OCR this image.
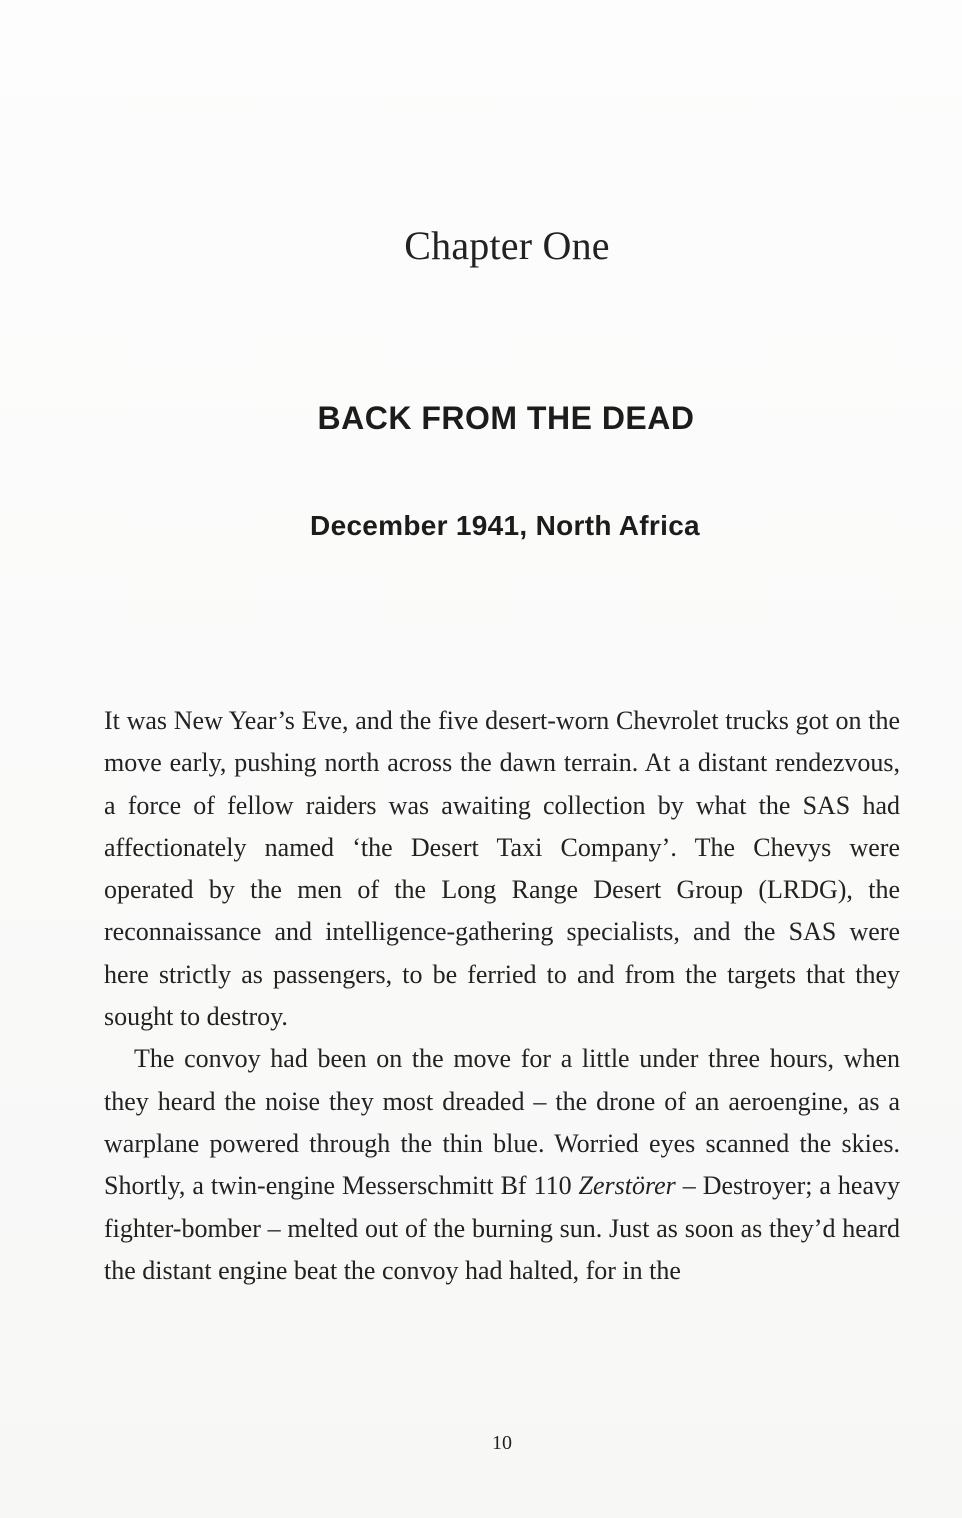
Chapter One
BACK FROM THE DEAD
December 1941, North Africa

It was New Year’s Eve, and the five desert-worn Chevrolet trucks got on the move early, pushing north across the dawn terrain. At a distant rendezvous, a force of fellow raiders was awaiting collection by what the SAS had affectionately named ‘the Desert Taxi Company’. The Chevys were operated by the men of the Long Range Desert Group (LRDG), the reconnaissance and intelligence-gathering specialists, and the SAS were here strictly as passengers, to be ferried to and from the targets that they sought to destroy.

The convoy had been on the move for a little under three hours, when they heard the noise they most dreaded – the drone of an aeroengine, as a warplane powered through the thin blue. Worried eyes scanned the skies. Shortly, a twin-engine Messerschmitt Bf 110 Zerstörer – Destroyer; a heavy fighter-bomber – melted out of the burning sun. Just as soon as they’d heard the distant engine beat the convoy had halted, for in the

10
